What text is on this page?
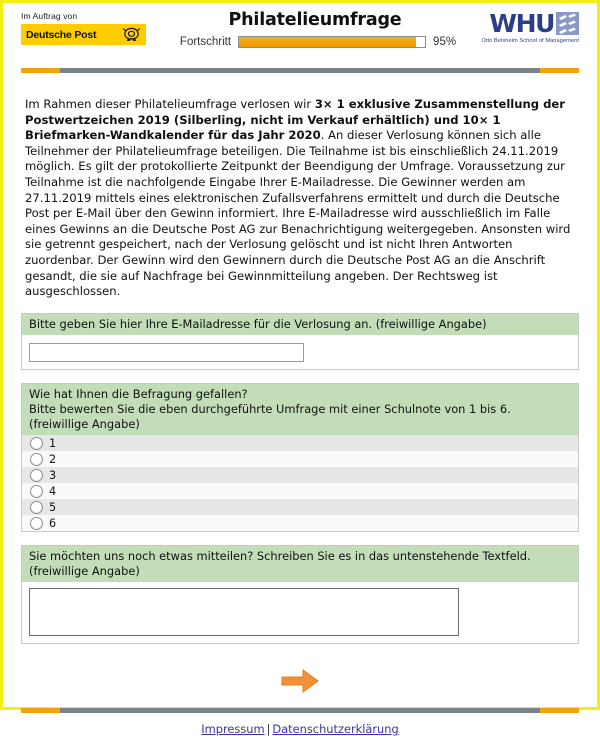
Im Auftrag von
Deutsche Post
Philatelieumfrage
Fortschritt	95%
WHU
Otto Beisheim School of Management

Im Rahmen dieser Philatelieumfrage verlosen wir 3× 1 exklusive Zusammenstellung der Postwertzeichen 2019 (Silberling, nicht im Verkauf erhältlich) und 10× 1 Briefmarken-Wandkalender für das Jahr 2020. An dieser Verlosung können sich alle Teilnehmer der Philatelieumfrage beteiligen. Die Teilnahme ist bis einschließlich 24.11.2019 möglich. Es gilt der protokollierte Zeitpunkt der Beendigung der Umfrage. Voraussetzung zur Teilnahme ist die nachfolgende Eingabe Ihrer E-Mailadresse. Die Gewinner werden am 27.11.2019 mittels eines elektronischen Zufallsverfahrens ermittelt und durch die Deutsche Post per E-Mail über den Gewinn informiert. Ihre E-Mailadresse wird ausschließlich im Falle eines Gewinns an die Deutsche Post AG zur Benachrichtigung weitergegeben. Ansonsten wird sie getrennt gespeichert, nach der Verlosung gelöscht und ist nicht Ihren Antworten zuordenbar. Der Gewinn wird den Gewinnern durch die Deutsche Post AG an die Anschrift gesandt, die sie auf Nachfrage bei Gewinnmitteilung angeben. Der Rechtsweg ist ausgeschlossen.

Bitte geben Sie hier Ihre E-Mailadresse für die Verlosung an. (freiwillige Angabe)
Wie hat Ihnen die Befragung gefallen?
Bitte bewerten Sie die eben durchgeführte Umfrage mit einer Schulnote von 1 bis 6.
(freiwillige Angabe)
1
2
3
4
5
6
Sie möchten uns noch etwas mitteilen? Schreiben Sie es in das untenstehende Textfeld.
(freiwillige Angabe)
Impressum | Datenschutzerklärung
